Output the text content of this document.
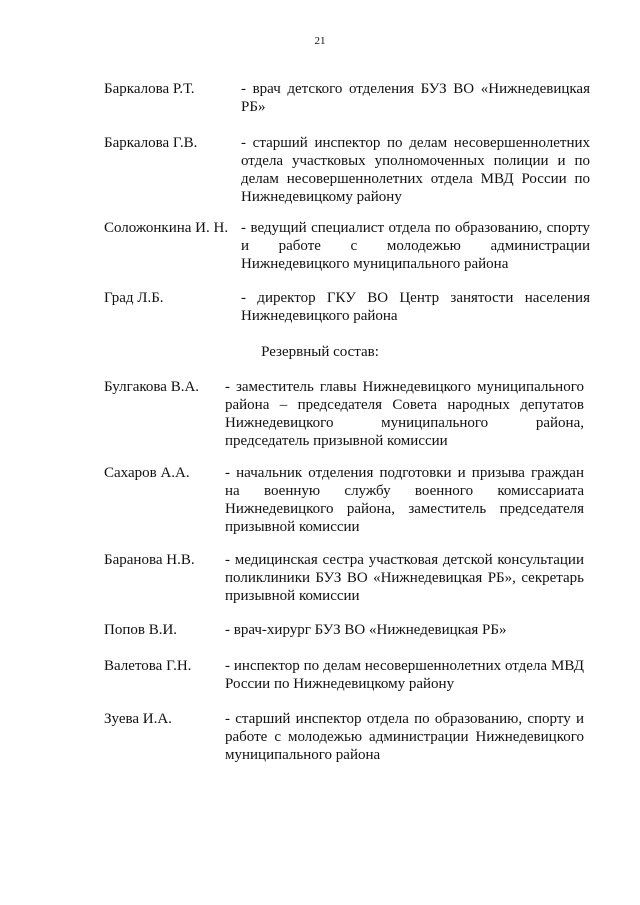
21
Баркалова Р.Т.	- врач детского отделения БУЗ ВО «Нижнедевицкая РБ»
Баркалова Г.В.	- старший инспектор по делам несовершеннолетних отдела участковых уполномоченных полиции и по делам несовершеннолетних отдела МВД России по Нижнедевицкому району
Соложонкина И. Н. - ведущий специалист отдела по образованию, спорту и работе с молодежью администрации Нижнедевицкого муниципального района
Град Л.Б.	- директор ГКУ ВО Центр занятости населения Нижнедевицкого района
Резервный состав:
Булгакова В.А. - заместитель главы Нижнедевицкого муниципального района – председателя Совета народных депутатов Нижнедевицкого муниципального района, председатель призывной комиссии
Сахаров А.А. - начальник отделения подготовки и призыва граждан на военную службу военного комиссариата Нижнедевицкого района, заместитель председателя призывной комиссии
Баранова Н.В. - медицинская сестра участковая детской консультации поликлиники БУЗ ВО «Нижнедевицкая РБ», секретарь призывной комиссии
Попов В.И.	- врач-хирург БУЗ ВО «Нижнедевицкая РБ»
Валетова Г.Н. - инспектор по делам несовершеннолетних отдела МВД России по Нижнедевицкому району
Зуева И.А.	- старший инспектор отдела по образованию, спорту и работе с молодежью администрации Нижнедевицкого муниципального района
